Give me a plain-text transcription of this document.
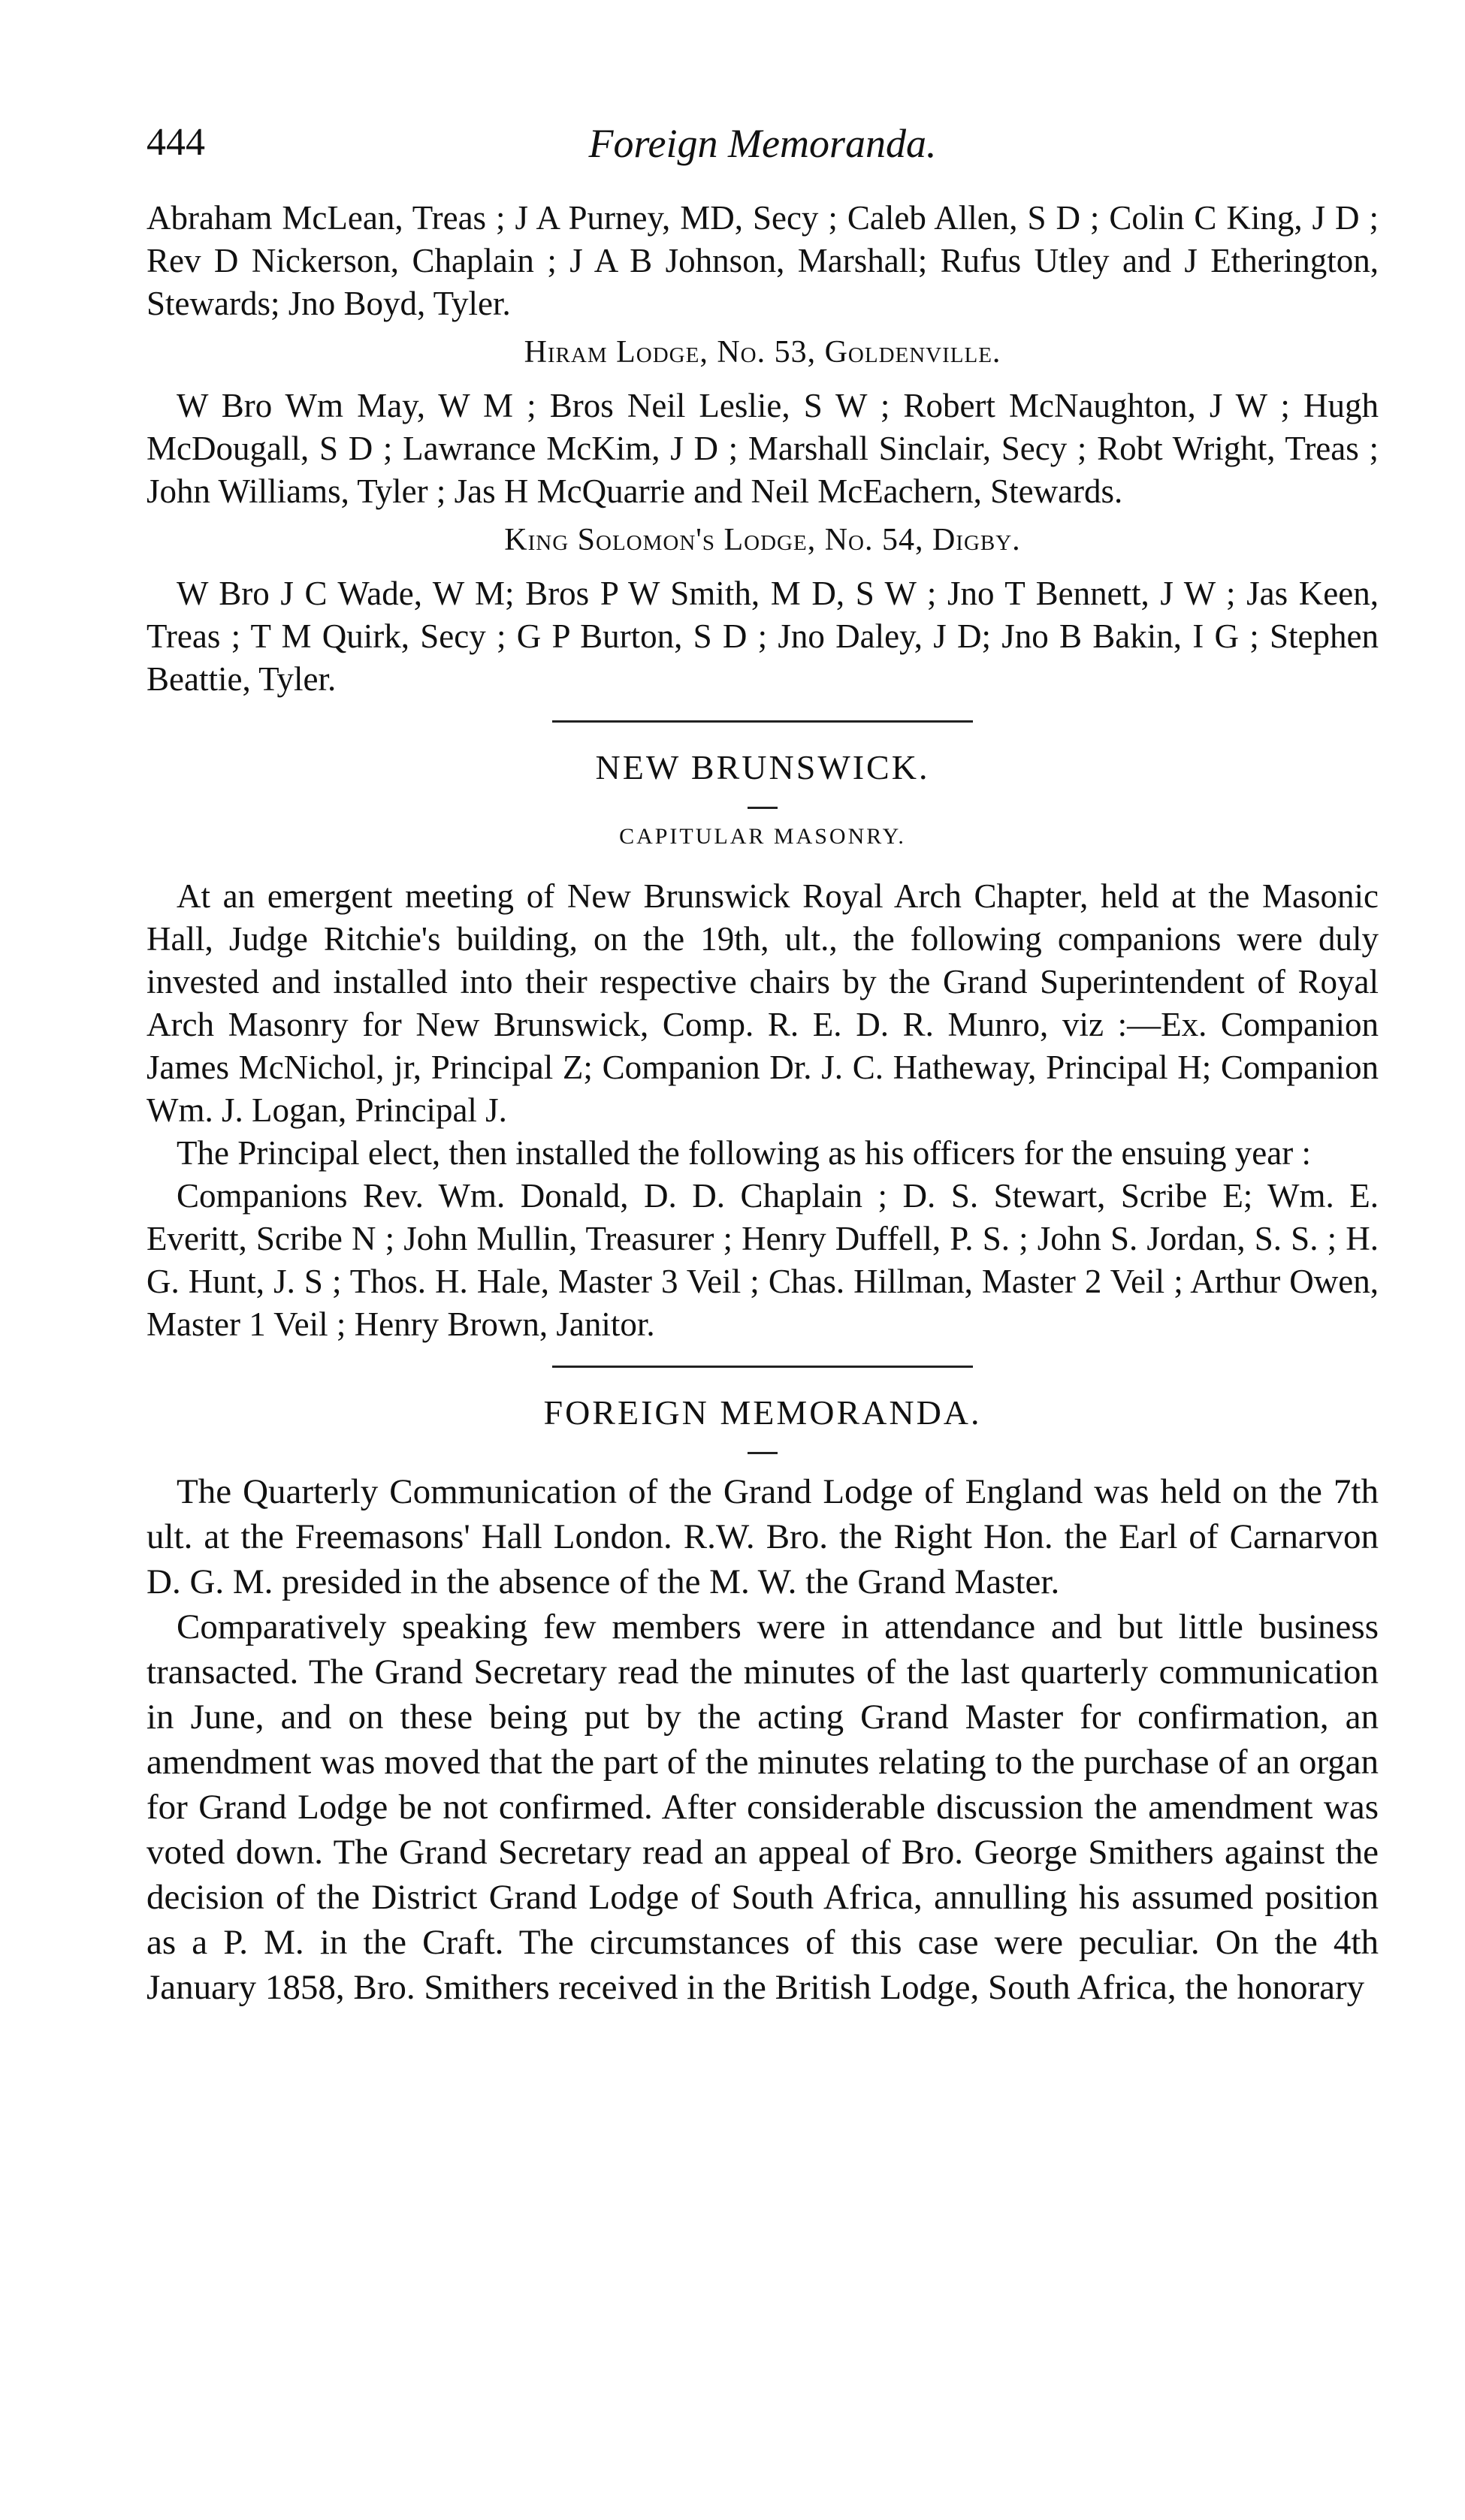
444	Foreign Memoranda.

Abraham McLean, Treas ; J A Purney, MD, Secy ; Caleb Allen, S D ; Colin C King, J D ; Rev D Nickerson, Chaplain ; J A B Johnson, Marshall; Rufus Utley and J Etherington, Stewards; Jno Boyd, Tyler.

Hiram Lodge, No. 53, Goldenville.

W Bro Wm May, W M ; Bros Neil Leslie, S W ; Robert McNaughton, J W ; Hugh McDougall, S D ; Lawrance McKim, J D ; Marshall Sinclair, Secy ; Robt Wright, Treas ; John Williams, Tyler ; Jas H McQuarrie and Neil McEachern, Stewards.

King Solomon's Lodge, No. 54, Digby.

W Bro J C Wade, W M; Bros P W Smith, M D, S W ; Jno T Bennett, J W ; Jas Keen, Treas ; T M Quirk, Secy ; G P Burton, S D ; Jno Daley, J D; Jno B Bakin, I G ; Stephen Beattie, Tyler.

NEW BRUNSWICK.
CAPITULAR MASONRY.

At an emergent meeting of New Brunswick Royal Arch Chapter, held at the Masonic Hall, Judge Ritchie's building, on the 19th, ult., the following companions were duly invested and installed into their respective chairs by the Grand Superintendent of Royal Arch Masonry for New Brunswick, Comp. R. E. D. R. Munro, viz :—Ex. Companion James McNichol, jr, Principal Z; Companion Dr. J. C. Hatheway, Principal H; Companion Wm. J. Logan, Principal J.

The Principal elect, then installed the following as his officers for the ensuing year :

Companions Rev. Wm. Donald, D. D. Chaplain ; D. S. Stewart, Scribe E; Wm. E. Everitt, Scribe N ; John Mullin, Treasurer ; Henry Duffell, P. S. ; John S. Jordan, S. S. ; H. G. Hunt, J. S ; Thos. H. Hale, Master 3 Veil ; Chas. Hillman, Master 2 Veil ; Arthur Owen, Master 1 Veil ; Henry Brown, Janitor.

FOREIGN MEMORANDA.

The Quarterly Communication of the Grand Lodge of England was held on the 7th ult. at the Freemasons' Hall London. R.W. Bro. the Right Hon. the Earl of Carnarvon D. G. M. presided in the absence of the M. W. the Grand Master.

Comparatively speaking few members were in attendance and but little business transacted. The Grand Secretary read the minutes of the last quarterly communication in June, and on these being put by the acting Grand Master for confirmation, an amendment was moved that the part of the minutes relating to the purchase of an organ for Grand Lodge be not confirmed. After considerable discussion the amendment was voted down. The Grand Secretary read an appeal of Bro. George Smithers against the decision of the District Grand Lodge of South Africa, annulling his assumed position as a P. M. in the Craft. The circumstances of this case were peculiar. On the 4th January 1858, Bro. Smithers received in the British Lodge, South Africa, the honorary
